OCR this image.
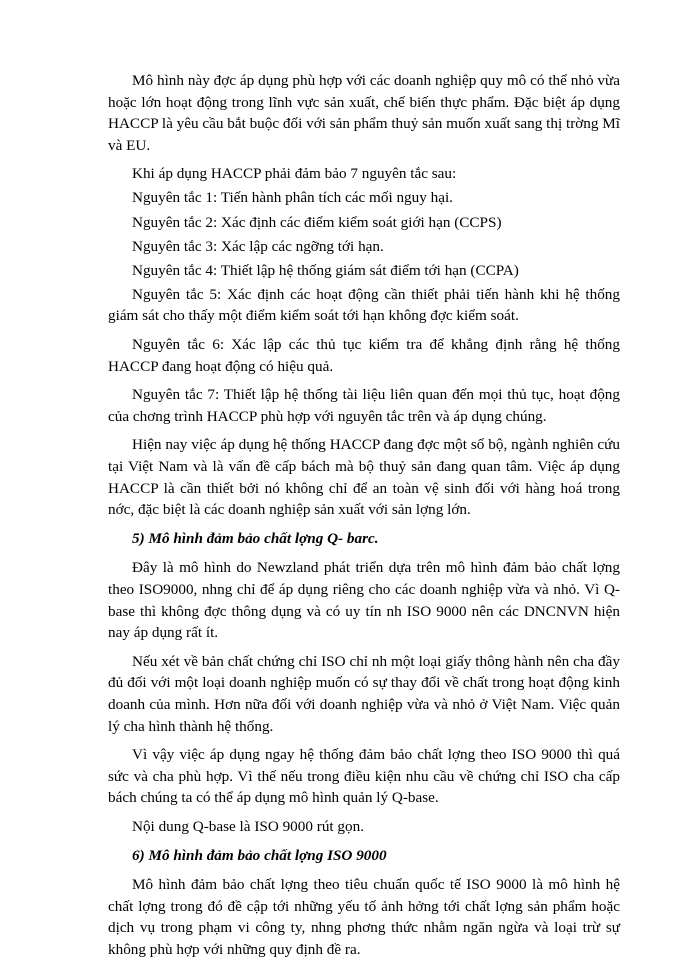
Mô hình này đợc áp dụng phù hợp với các doanh nghiệp quy mô có thể nhỏ vừa hoặc lớn hoạt động trong lĩnh vực sản xuất, chế biến thực phẩm. Đặc biệt áp dụng HACCP là yêu cầu bắt buộc đối với sản phẩm thuỷ sản muốn xuất sang thị trờng Mĩ và EU.

Khi áp dụng HACCP phải đảm bảo 7 nguyên tắc sau:

Nguyên tắc 1: Tiến hành phân tích các mối nguy hại.

Nguyên tắc 2: Xác định các điểm kiểm soát giới hạn (CCPS)

Nguyên tắc 3: Xác lập các ngỡng tới hạn.

Nguyên tắc 4: Thiết lập hệ thống giám sát điểm tới hạn (CCPA)

Nguyên tắc 5: Xác định các hoạt động cần thiết phải tiến hành khi hệ thống giám sát cho thấy một điểm kiểm soát tới hạn không đợc kiểm soát.

Nguyên tắc 6: Xác lập các thủ tục kiểm tra để khẳng định rằng hệ thống HACCP đang hoạt động có hiệu quả.

Nguyên tắc 7: Thiết lập hệ thống tài liệu liên quan đến mọi thủ tục, hoạt động của chơng trình HACCP phù hợp với nguyên tắc trên và áp dụng chúng.

Hiện nay việc áp dụng hệ thống HACCP đang đợc một số bộ, ngành nghiên cứu tại Việt Nam và là vấn đề cấp bách mà bộ thuỷ sản đang quan tâm. Việc áp dụng HACCP là cần thiết bởi nó không chỉ để an toàn vệ sinh đối với hàng hoá trong nớc, đặc biệt là các doanh nghiệp sản xuất với sản lợng lớn.

5) Mô hình đảm bảo chất lợng Q- barc.

Đây là mô hình do Newzland phát triển dựa trên mô hình đảm bảo chất lợng theo ISO9000, nhng chỉ để áp dụng riêng cho các doanh nghiệp vừa và nhỏ. Vì Q-base thì không đợc thông dụng và có uy tín nh ISO 9000 nên các DNCNVN hiện nay áp dụng rất ít.

Nếu xét về bản chất chứng chỉ ISO chỉ nh một loại giấy thông hành nên cha đầy đủ đối với một loại doanh nghiệp muốn có sự thay đổi về chất trong hoạt động kinh doanh của mình. Hơn nữa đối với doanh nghiệp vừa và nhỏ ở Việt Nam. Việc quản lý cha hình thành hệ thống.

Vì vậy việc áp dụng ngay hệ thống đảm bảo chất lợng theo ISO 9000 thì quá sức và cha phù hợp. Vì thế nếu trong điều kiện nhu cầu về chứng chỉ ISO cha cấp bách chúng ta có thể áp dụng mô hình quản lý Q-base.

Nội dung Q-base là ISO 9000 rút gọn.

6) Mô hình đảm bảo chất lợng ISO 9000

Mô hình đảm bảo chất lợng theo tiêu chuẩn quốc tế ISO 9000 là mô hình hệ chất lợng trong đó đề cập tới những yếu tố ảnh hởng tới chất lợng sản phẩm hoặc dịch vụ trong phạm vi công ty, nhng phơng thức nhằm ngăn ngừa và loại trừ sự không phù hợp với những quy định đề ra.
